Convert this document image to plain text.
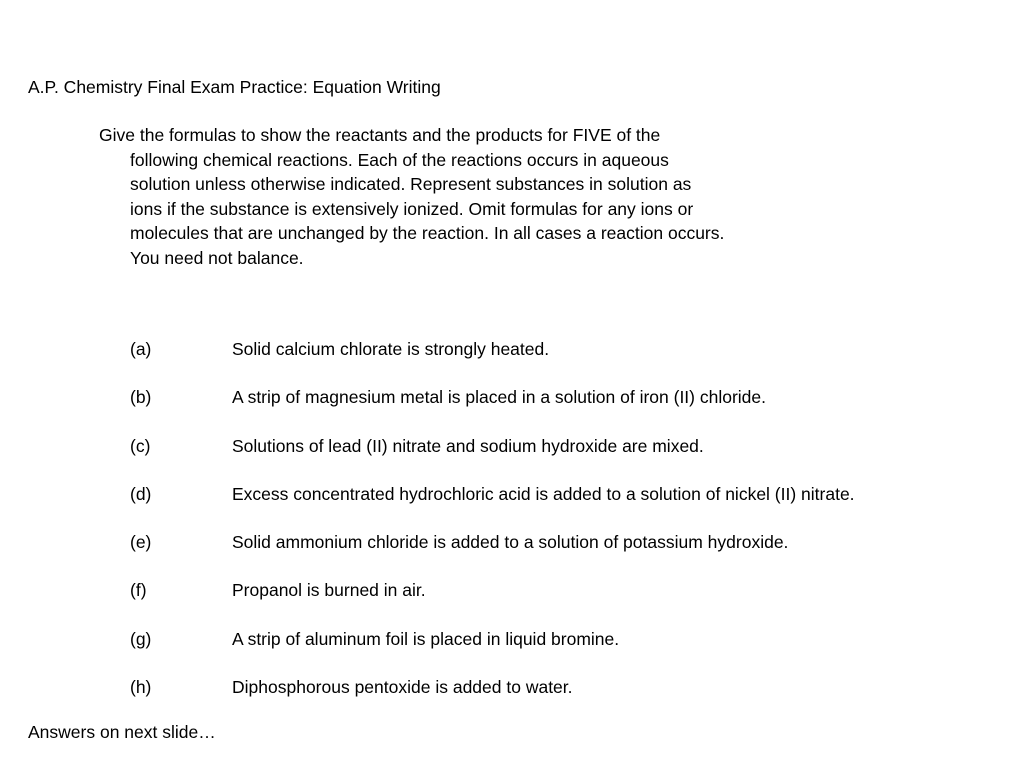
A.P. Chemistry Final Exam Practice: Equation Writing

Give the formulas to show the reactants and the products for FIVE of the
following chemical reactions. Each of the reactions occurs in aqueous
solution unless otherwise indicated. Represent substances in solution as
ions if the substance is extensively ionized. Omit formulas for any ions or
molecules that are unchanged by the reaction. In all cases a reaction occurs.
You need not balance.

(a)	Solid calcium chlorate is strongly heated.
(b)	A strip of magnesium metal is placed in a solution of iron (II) chloride.
(c)	Solutions of lead (II) nitrate and sodium hydroxide are mixed.
(d)	Excess concentrated hydrochloric acid is added to a solution of nickel (II) nitrate.
(e)	Solid ammonium chloride is added to a solution of potassium hydroxide.
(f)	Propanol is burned in air.
(g)	A strip of aluminum foil is placed in liquid bromine.
(h)	Diphosphorous pentoxide is added to water.
Answers on next slide…
